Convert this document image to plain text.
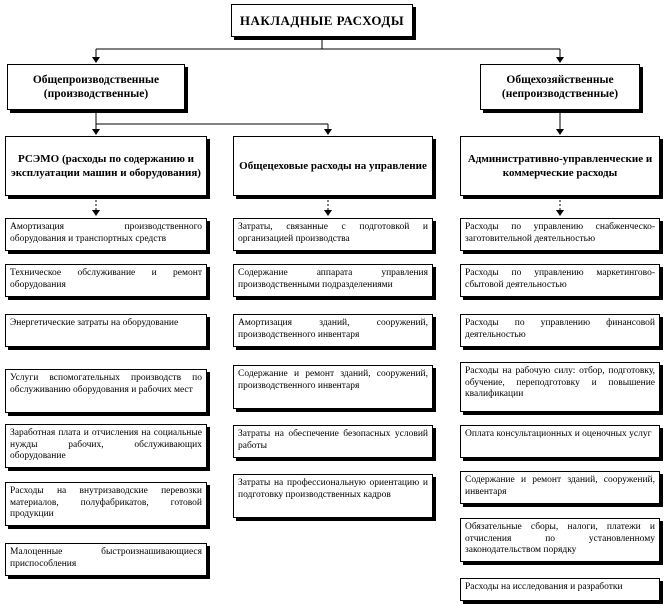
НАКЛАДНЫЕ РАСХОДЫ
Общепроизводственные (производственные)
Общехозяйственные (непроизводственные)
РСЭМО (расходы по содержанию и эксплуатации машин и оборудования)
Общецеховые расходы на управление
Административно-управленческие и коммерческие расходы
Амортизация производственного оборудования и транспортных средств
Техническое обслуживание и ремонт оборудования
Энергетические затраты на оборудование
Услуги вспомогательных производств по обслуживанию оборудования и рабочих мест
Заработная плата и отчисления на социальные нужды рабочих, обслуживающих оборудование
Расходы на внутризаводские перевозки материалов, полуфабрикатов, готовой продукции
Малоценные быстроизнашивающиеся приспособления
Затраты, связанные с подготовкой и организацией производства
Содержание аппарата управления производственными подразделениями
Амортизация зданий, сооружений, производственного инвентаря
Содержание и ремонт зданий, сооружений, производственного инвентаря
Затраты на обеспечение безопасных условий работы
Затраты на профессиональную ориентацию и подготовку производственных кадров
Расходы по управлению снабженческо-заготовительной деятельностью
Расходы по управлению маркетингово-сбытовой деятельностью
Расходы по управлению финансовой деятельностью
Расходы на рабочую силу: отбор, подготовку, обучение, переподготовку и повышение квалификации
Оплата консультационных и оценочных услуг
Содержание и ремонт зданий, сооружений, инвентаря
Обязательные сборы, налоги, платежи и отчисления по установленному законодательством порядку
Расходы на исследования и разработки
